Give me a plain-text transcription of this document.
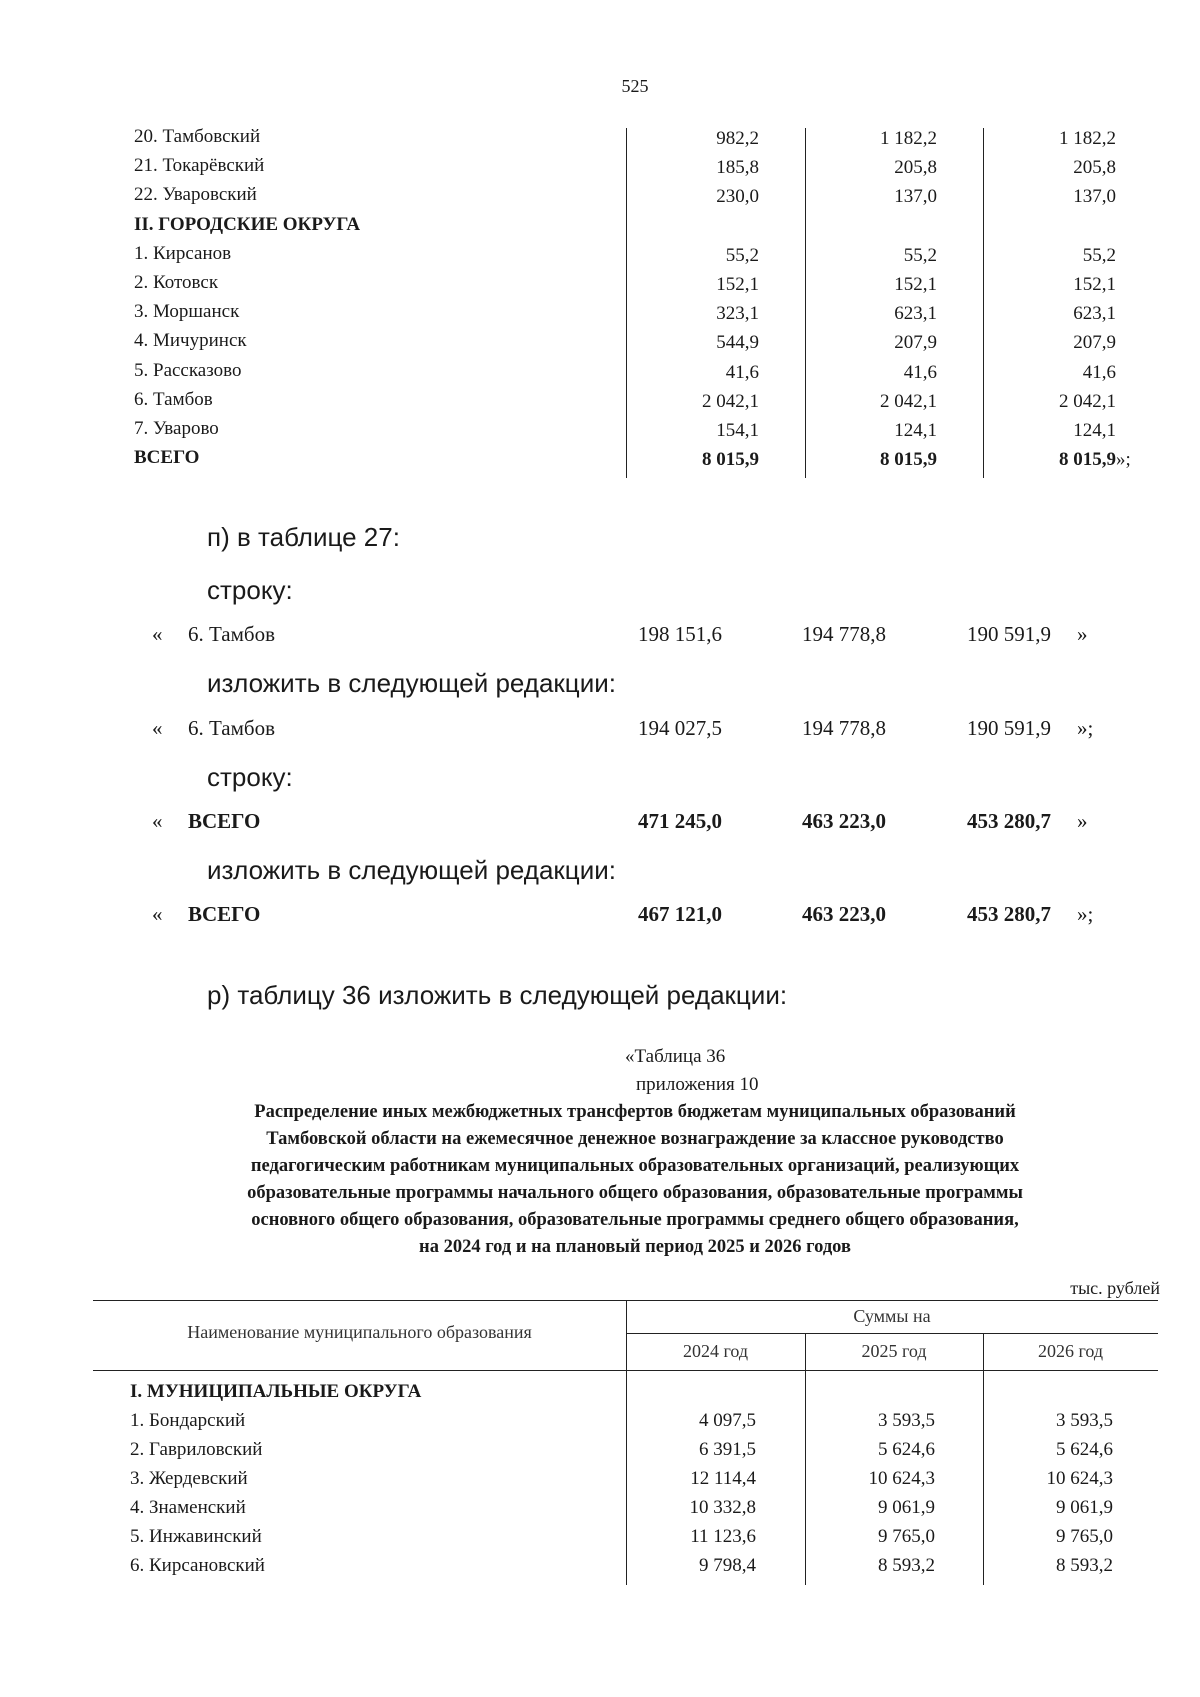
525
20. Тамбовский	982,2	1 182,2	1 182,2
21. Токарёвский	185,8	205,8	205,8
22. Уваровский	230,0	137,0	137,0
II. ГОРОДСКИЕ ОКРУГА
1. Кирсанов	55,2	55,2	55,2
2. Котовск	152,1	152,1	152,1
3. Моршанск	323,1	623,1	623,1
4. Мичуринск	544,9	207,9	207,9
5. Рассказово	41,6	41,6	41,6
6. Тамбов	2 042,1	2 042,1	2 042,1
7. Уварово	154,1	124,1	124,1
ВСЕГО	8 015,9	8 015,9	8 015,9 »;
п) в таблице 27:
строку:
« 6. Тамбов	198 151,6	194 778,8	190 591,9 »
изложить в следующей редакции:
« 6. Тамбов	194 027,5	194 778,8	190 591,9 »;
строку:
« ВСЕГО	471 245,0	463 223,0	453 280,7 »
изложить в следующей редакции:
« ВСЕГО	467 121,0	463 223,0	453 280,7 »;
р) таблицу 36 изложить в следующей редакции:
«Таблица 36
приложения 10
Распределение иных межбюджетных трансфертов бюджетам муниципальных образований
Тамбовской области на ежемесячное денежное вознаграждение за классное руководство
педагогическим работникам муниципальных образовательных организаций, реализующих
образовательные программы начального общего образования, образовательные программы
основного общего образования, образовательные программы среднего общего образования,
на 2024 год и на плановый период 2025 и 2026 годов
тыс. рублей
Наименование муниципального образования
Суммы на
2024 год	2025 год	2026 год
I. МУНИЦИПАЛЬНЫЕ ОКРУГА
1. Бондарский	4 097,5	3 593,5	3 593,5
2. Гавриловский	6 391,5	5 624,6	5 624,6
3. Жердевский	12 114,4	10 624,3	10 624,3
4. Знаменский	10 332,8	9 061,9	9 061,9
5. Инжавинский	11 123,6	9 765,0	9 765,0
6. Кирсановский	9 798,4	8 593,2	8 593,2
